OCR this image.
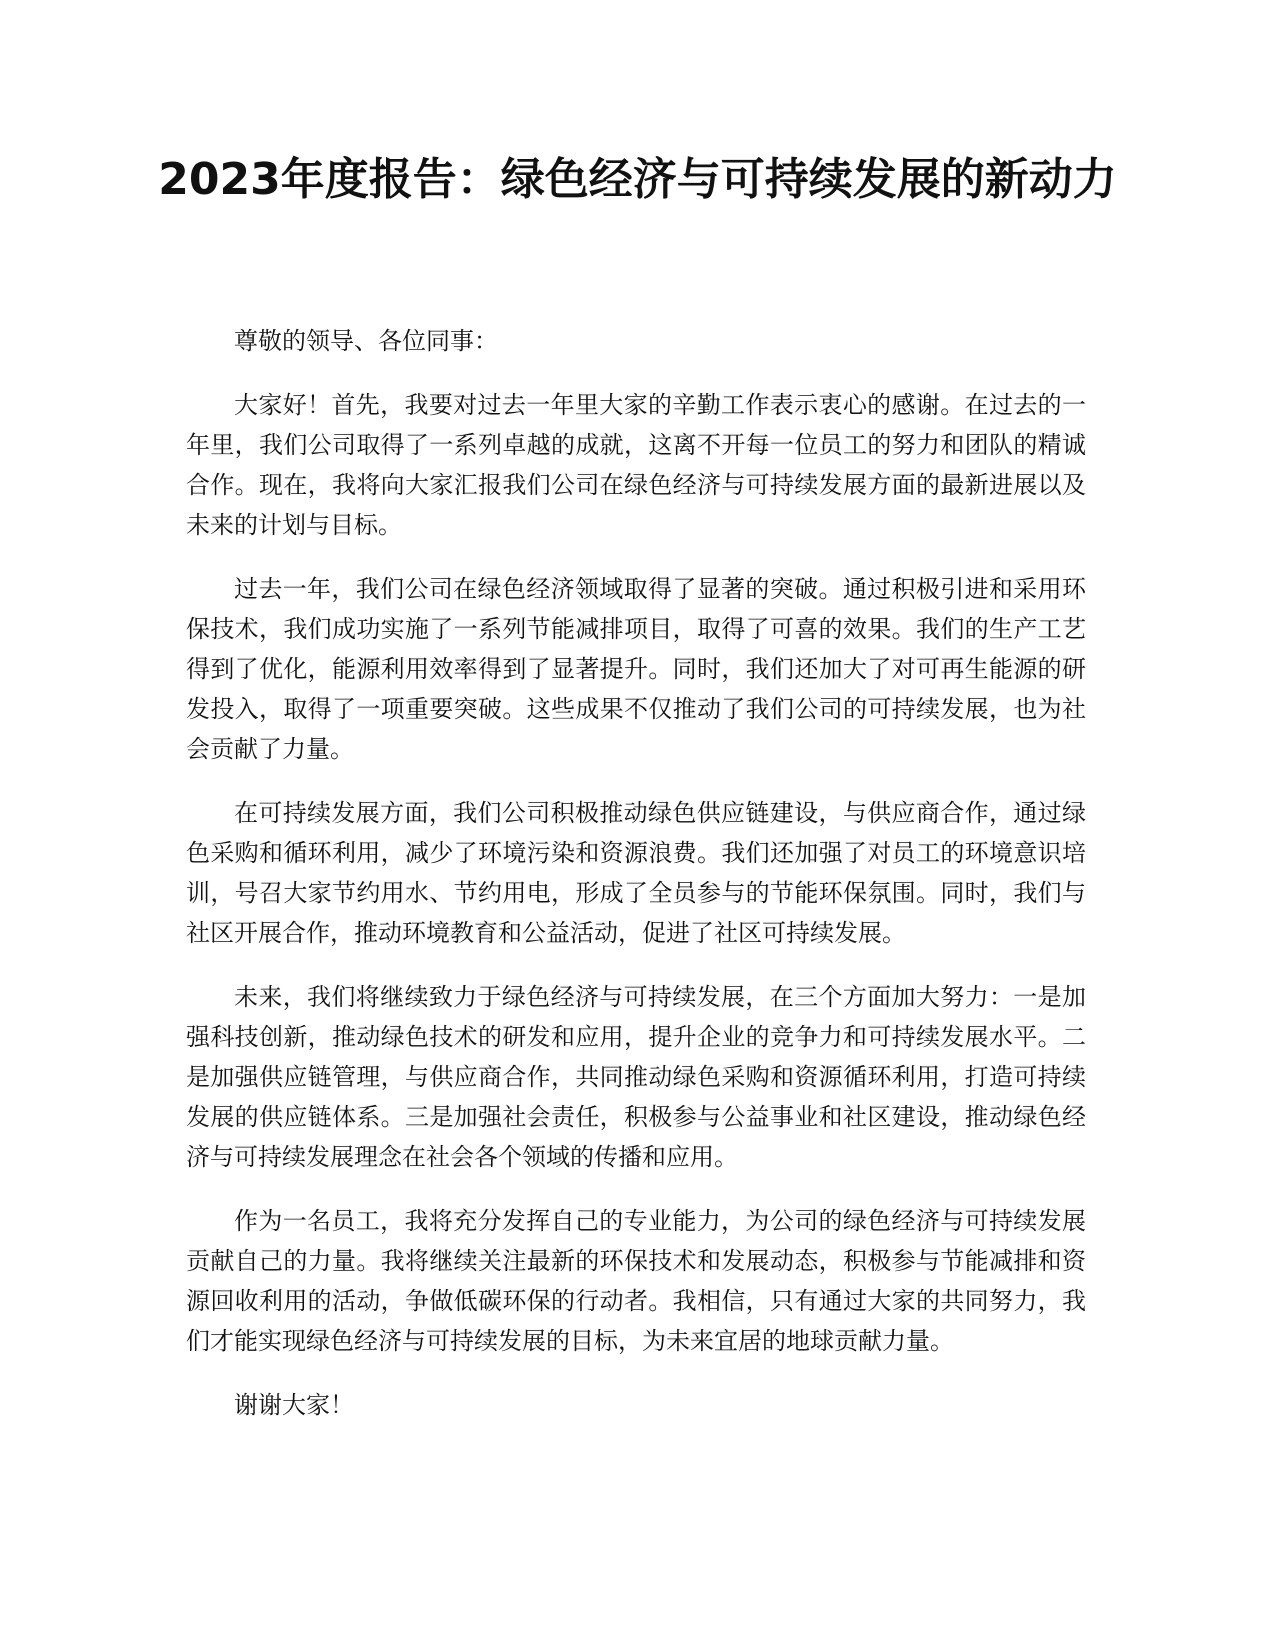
2023年度报告：绿色经济与可持续发展的新动力

尊敬的领导、各位同事：

大家好！首先，我要对过去一年里大家的辛勤工作表示衷心的感谢。在过去的一年里，我们公司取得了一系列卓越的成就，这离不开每一位员工的努力和团队的精诚合作。现在，我将向大家汇报我们公司在绿色经济与可持续发展方面的最新进展以及未来的计划与目标。

过去一年，我们公司在绿色经济领域取得了显著的突破。通过积极引进和采用环保技术，我们成功实施了一系列节能减排项目，取得了可喜的效果。我们的生产工艺得到了优化，能源利用效率得到了显著提升。同时，我们还加大了对可再生能源的研发投入，取得了一项重要突破。这些成果不仅推动了我们公司的可持续发展，也为社会贡献了力量。

在可持续发展方面，我们公司积极推动绿色供应链建设，与供应商合作，通过绿色采购和循环利用，减少了环境污染和资源浪费。我们还加强了对员工的环境意识培训，号召大家节约用水、节约用电，形成了全员参与的节能环保氛围。同时，我们与社区开展合作，推动环境教育和公益活动，促进了社区可持续发展。

未来，我们将继续致力于绿色经济与可持续发展，在三个方面加大努力：一是加强科技创新，推动绿色技术的研发和应用，提升企业的竞争力和可持续发展水平。二是加强供应链管理，与供应商合作，共同推动绿色采购和资源循环利用，打造可持续发展的供应链体系。三是加强社会责任，积极参与公益事业和社区建设，推动绿色经济与可持续发展理念在社会各个领域的传播和应用。

作为一名员工，我将充分发挥自己的专业能力，为公司的绿色经济与可持续发展贡献自己的力量。我将继续关注最新的环保技术和发展动态，积极参与节能减排和资源回收利用的活动，争做低碳环保的行动者。我相信，只有通过大家的共同努力，我们才能实现绿色经济与可持续发展的目标，为未来宜居的地球贡献力量。

谢谢大家！
